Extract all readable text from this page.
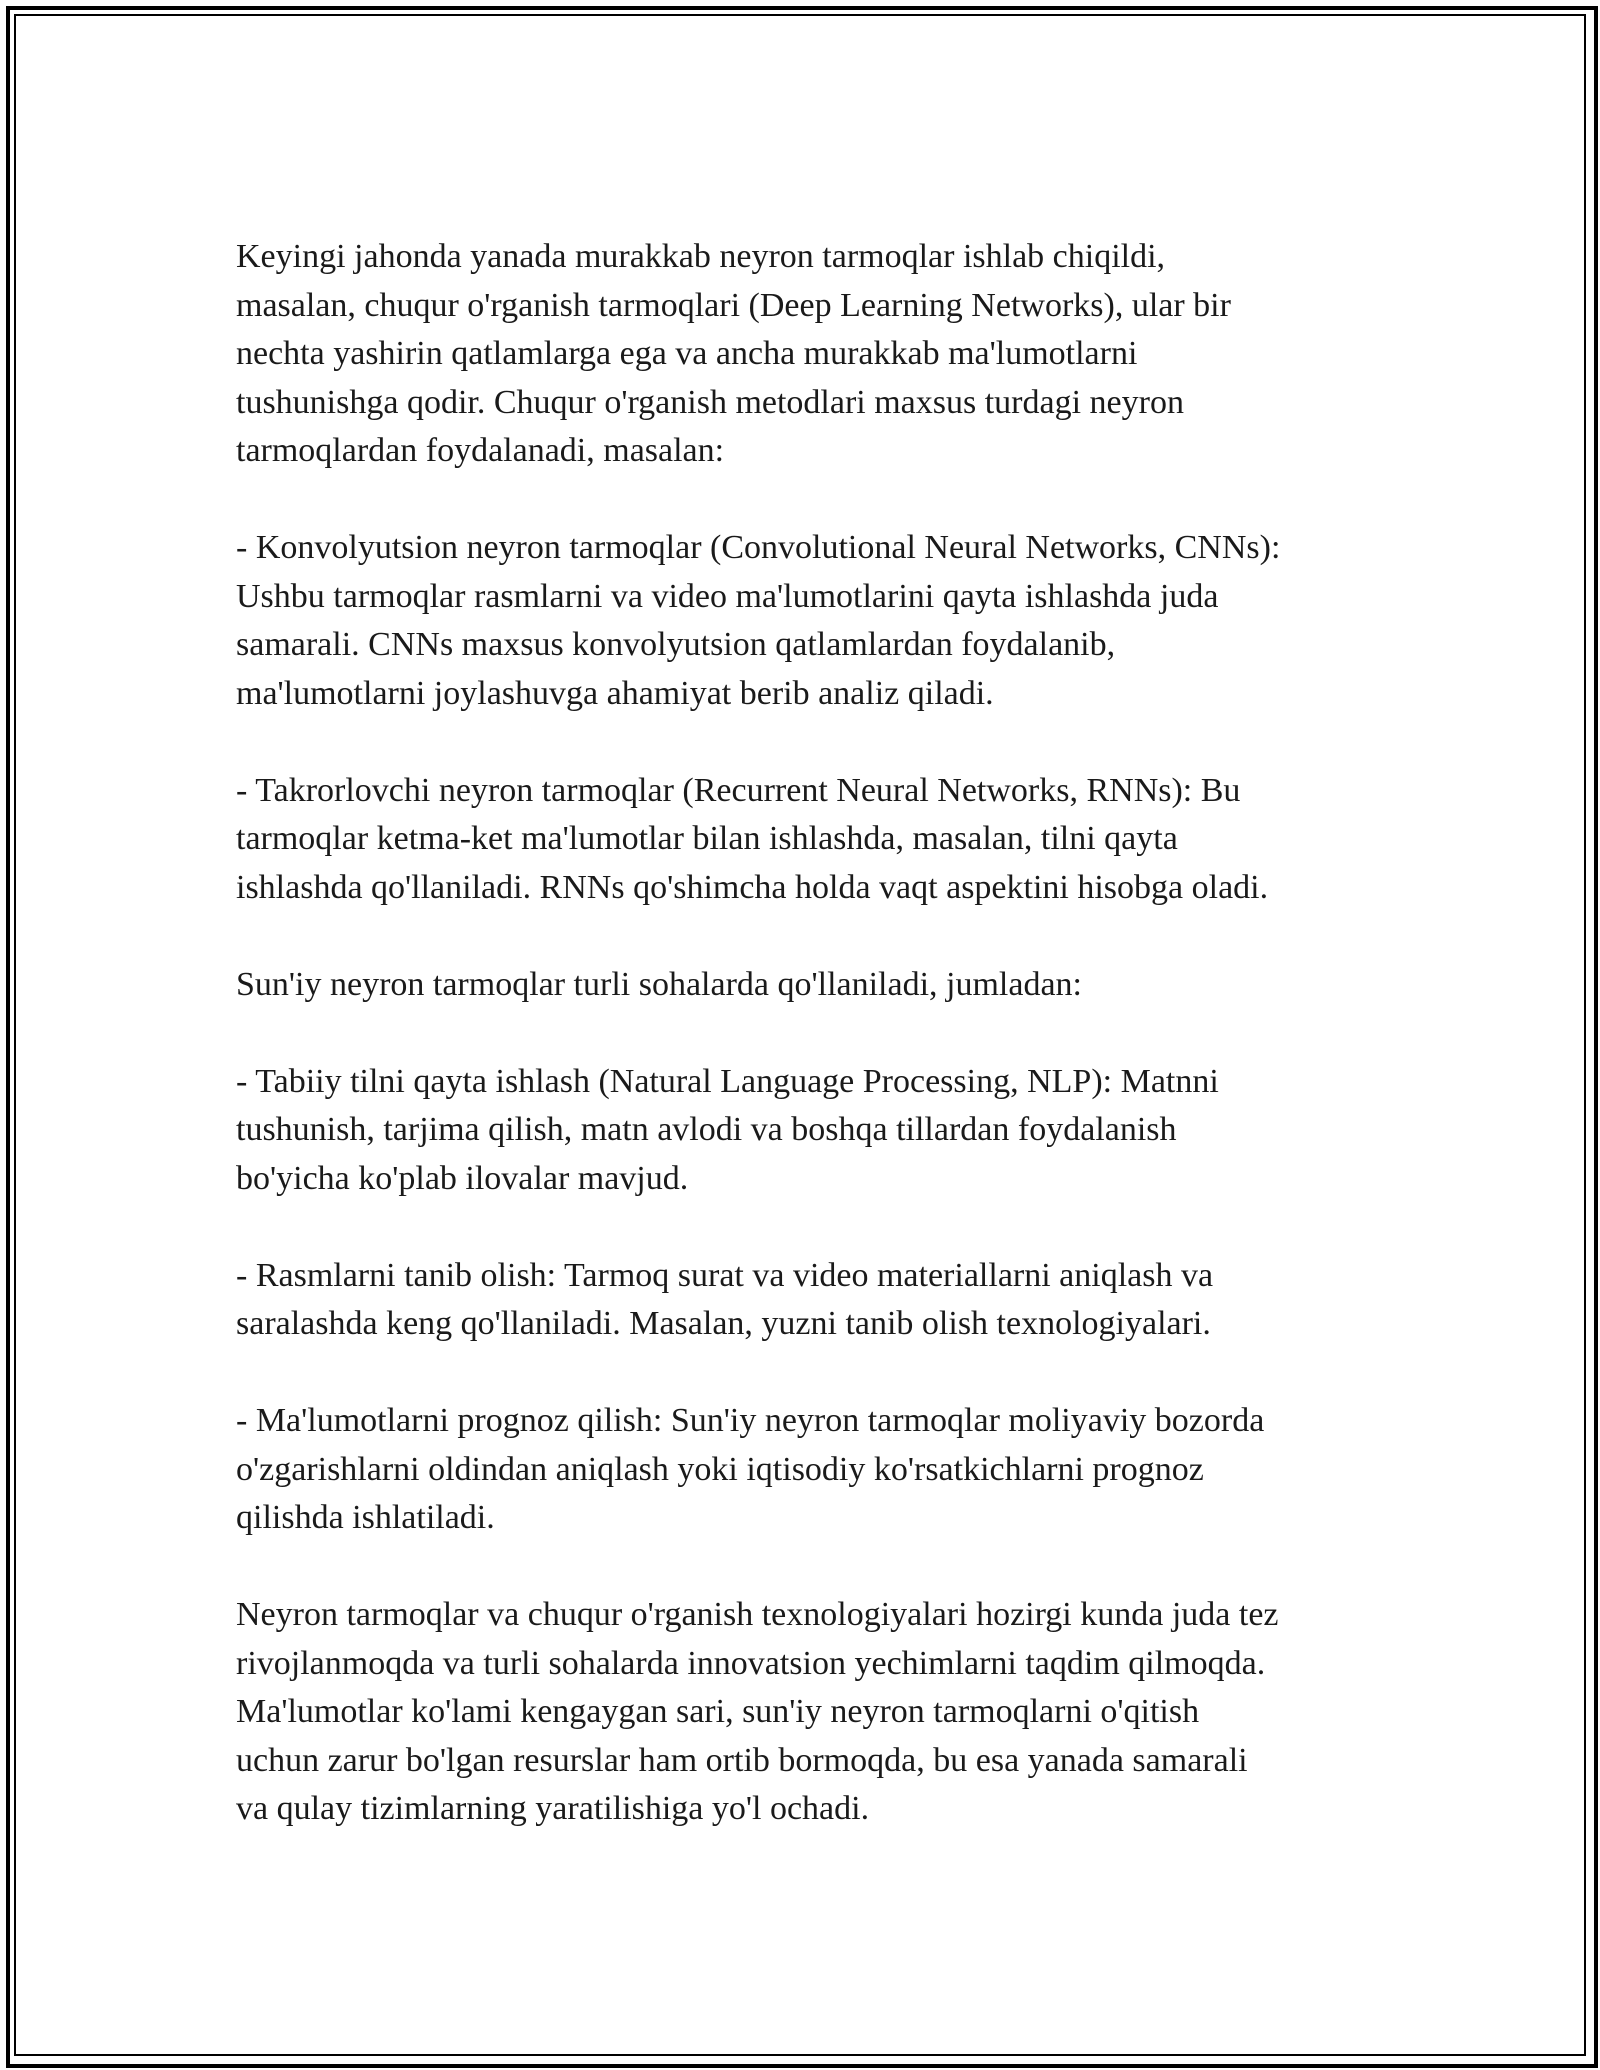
Keyingi jahonda yanada murakkab neyron tarmoqlar ishlab chiqildi,
masalan, chuqur o'rganish tarmoqlari (Deep Learning Networks), ular bir
nechta yashirin qatlamlarga ega va ancha murakkab ma'lumotlarni
tushunishga qodir. Chuqur o'rganish metodlari maxsus turdagi neyron
tarmoqlardan foydalanadi, masalan:

- Konvolyutsion neyron tarmoqlar (Convolutional Neural Networks, CNNs):
Ushbu tarmoqlar rasmlarni va video ma'lumotlarini qayta ishlashda juda
samarali. CNNs maxsus konvolyutsion qatlamlardan foydalanib,
ma'lumotlarni joylashuvga ahamiyat berib analiz qiladi.

- Takrorlovchi neyron tarmoqlar (Recurrent Neural Networks, RNNs): Bu
tarmoqlar ketma-ket ma'lumotlar bilan ishlashda, masalan, tilni qayta
ishlashda qo'llaniladi. RNNs qo'shimcha holda vaqt aspektini hisobga oladi.

Sun'iy neyron tarmoqlar turli sohalarda qo'llaniladi, jumladan:

- Tabiiy tilni qayta ishlash (Natural Language Processing, NLP): Matnni
tushunish, tarjima qilish, matn avlodi va boshqa tillardan foydalanish
bo'yicha ko'plab ilovalar mavjud.

- Rasmlarni tanib olish: Tarmoq surat va video materiallarni aniqlash va
saralashda keng qo'llaniladi. Masalan, yuzni tanib olish texnologiyalari.

- Ma'lumotlarni prognoz qilish: Sun'iy neyron tarmoqlar moliyaviy bozorda
o'zgarishlarni oldindan aniqlash yoki iqtisodiy ko'rsatkichlarni prognoz
qilishda ishlatiladi.

Neyron tarmoqlar va chuqur o'rganish texnologiyalari hozirgi kunda juda tez
rivojlanmoqda va turli sohalarda innovatsion yechimlarni taqdim qilmoqda.
Ma'lumotlar ko'lami kengaygan sari, sun'iy neyron tarmoqlarni o'qitish
uchun zarur bo'lgan resurslar ham ortib bormoqda, bu esa yanada samarali
va qulay tizimlarning yaratilishiga yo'l ochadi.
